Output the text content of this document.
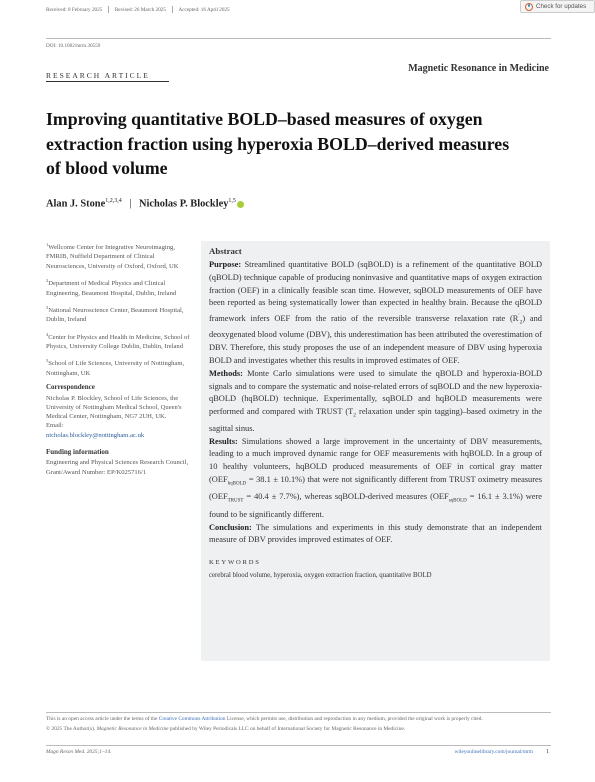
Check for updates
Received: 8 February 2025	Revised: 26 March 2025	Accepted: 16 April 2025
DOI: 10.1002/mrm.30559
RESEARCH ARTICLE
Magnetic Resonance in Medicine
Improving quantitative BOLD–based measures of oxygen extraction fraction using hyperoxia BOLD–derived measures of blood volume
Alan J. Stone$^{1,2,3,4}$ | Nicholas P. Blockley$^{1,5}$

$^1$Wellcome Center for Integrative Neuroimaging, FMRIB, Nuffield Department of Clinical Neurosciences, University of Oxford, Oxford, UK

$^2$Department of Medical Physics and Clinical Engineering, Beaumont Hospital, Dublin, Ireland

$^3$National Neuroscience Center, Beaumont Hospital, Dublin, Ireland

$^4$Center for Physics and Health in Medicine, School of Physics, University College Dublin, Dublin, Ireland

$^5$School of Life Sciences, University of Nottingham, Nottingham, UK

Correspondence

Nicholas P. Blockley, School of Life Sciences, the University of Nottingham Medical School, Queen's Medical Center, Nottingham, NG7 2UH, UK.

Email:

nicholas.blockley@nottingham.ac.uk

Funding information

Engineering and Physical Sciences Research Council, Grant/Award Number: EP/K025716/1

Abstract

Purpose: Streamlined quantitative BOLD (sqBOLD) is a refinement of the quantitative BOLD (qBOLD) technique capable of producing noninvasive and quantitative maps of oxygen extraction fraction (OEF) in a clinically feasible scan time. However, sqBOLD measurements of OEF have been reported as being systematically lower than expected in healthy brain. Because the qBOLD framework infers OEF from the ratio of the reversible transverse relaxation rate $(R'_2)$ and deoxygenated blood volume (DBV), this underestimation has been attributed the overestimation of DBV. Therefore, this study proposes the use of an independent measure of DBV using hyperoxia BOLD and investigates whether this results in improved estimates of OEF.

Methods: Monte Carlo simulations were used to simulate the qBOLD and hyperoxia-BOLD signals and to compare the systematic and noise-related errors of sqBOLD and the new hyperoxia-qBOLD (hqBOLD) technique. Experimentally, sqBOLD and hqBOLD measurements were performed and compared with TRUST ($T_2$ relaxation under spin tagging)–based oximetry in the sagittal sinus.

Results: Simulations showed a large improvement in the uncertainty of DBV measurements, leading to a much improved dynamic range for OEF measurements with hqBOLD. In a group of 10 healthy volunteers, hqBOLD produced measurements of OEF in cortical gray matter $(OEF_{hqBOLD} = 38.1 \pm 10.1\%)$ that were not significantly different from TRUST oximetry measures $(OEF_{TRUST} = 40.4 \pm 7.7\%)$, whereas sqBOLD-derived measures $(OEF_{sqBOLD} = 16.1 \pm 3.1\%)$ were found to be significantly different.

Conclusion: The simulations and experiments in this study demonstrate that an independent measure of DBV provides improved estimates of OEF.

KEYWORDS
cerebral blood volume, hyperoxia, oxygen extraction fraction, quantitative BOLD
This is an open access article under the terms of the Creative Commons Attribution License, which permits use, distribution and reproduction in any medium, provided the original work is properly cited.
© 2025 The Author(s). Magnetic Resonance in Medicine published by Wiley Periodicals LLC on behalf of International Society for Magnetic Resonance in Medicine.
Magn Reson Med. 2025;1–14.	wileyonlinelibrary.com/journal/mrm 1
